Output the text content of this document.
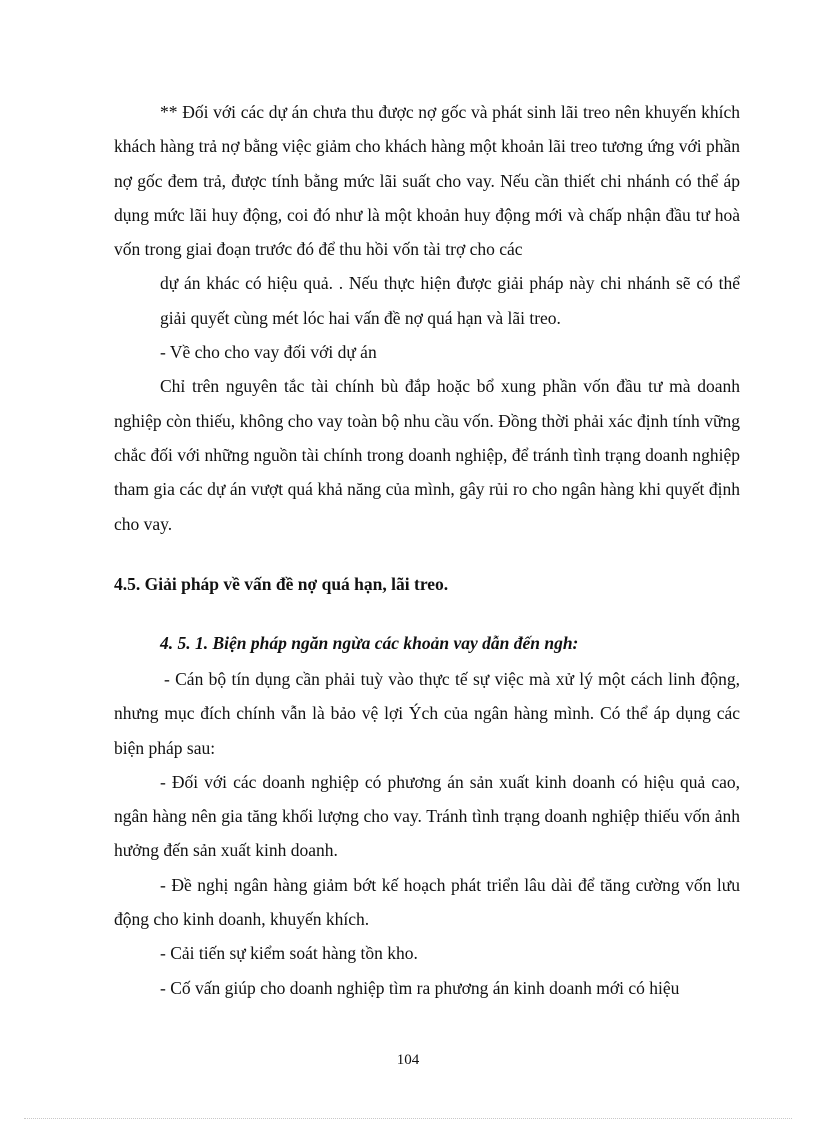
** Đối với các dự án chưa thu được nợ gốc và phát sinh lãi treo nên khuyến khích khách hàng trả nợ bằng việc giảm cho khách hàng một khoản lãi treo tương ứng với phần nợ gốc đem trả, được tính bằng mức lãi suất cho vay. Nếu cần thiết chi nhánh có thể áp dụng mức lãi huy động, coi đó như là một khoản huy động mới và chấp nhận đầu tư hoà vốn trong giai đoạn trước đó để thu hồi vốn tài trợ cho các

dự án khác có hiệu quả. . Nếu thực hiện được giải pháp này chi nhánh sẽ có thể giải quyết cùng mét lóc hai vấn đề nợ quá hạn và lãi treo.

- Về cho cho vay đối với dự án

Chỉ trên nguyên tắc tài chính bù đắp hoặc bổ xung phần vốn đầu tư mà doanh nghiệp còn thiếu, không cho vay toàn bộ nhu cầu vốn. Đồng thời phải xác định tính vững chắc đối với những nguồn tài chính trong doanh nghiệp, để tránh tình trạng doanh nghiệp tham gia các dự án vượt quá khả năng của mình, gây rủi ro cho ngân hàng khi quyết định cho vay.

4.5. Giải pháp về vấn đề nợ quá hạn, lãi treo.
4. 5. 1. Biện pháp ngăn ngừa các khoản vay dẫn đến ngh:

- Cán bộ tín dụng cần phải tuỳ vào thực tế sự việc mà xử lý một cách linh động, nhưng mục đích chính vẫn là bảo vệ lợi Ých của ngân hàng mình. Có thể áp dụng các biện pháp sau:

- Đối với các doanh nghiệp có phương án sản xuất kinh doanh có hiệu quả cao, ngân hàng nên gia tăng khối lượng cho vay. Tránh tình trạng doanh nghiệp thiếu vốn ảnh hưởng đến sản xuất kinh doanh.

- Đề nghị ngân hàng giảm bớt kế hoạch phát triển lâu dài để tăng cường vốn lưu động cho kinh doanh, khuyến khích.

- Cải tiến sự kiểm soát hàng tồn kho.

- Cố vấn giúp cho doanh nghiệp tìm ra phương án kinh doanh mới có hiệu

104
